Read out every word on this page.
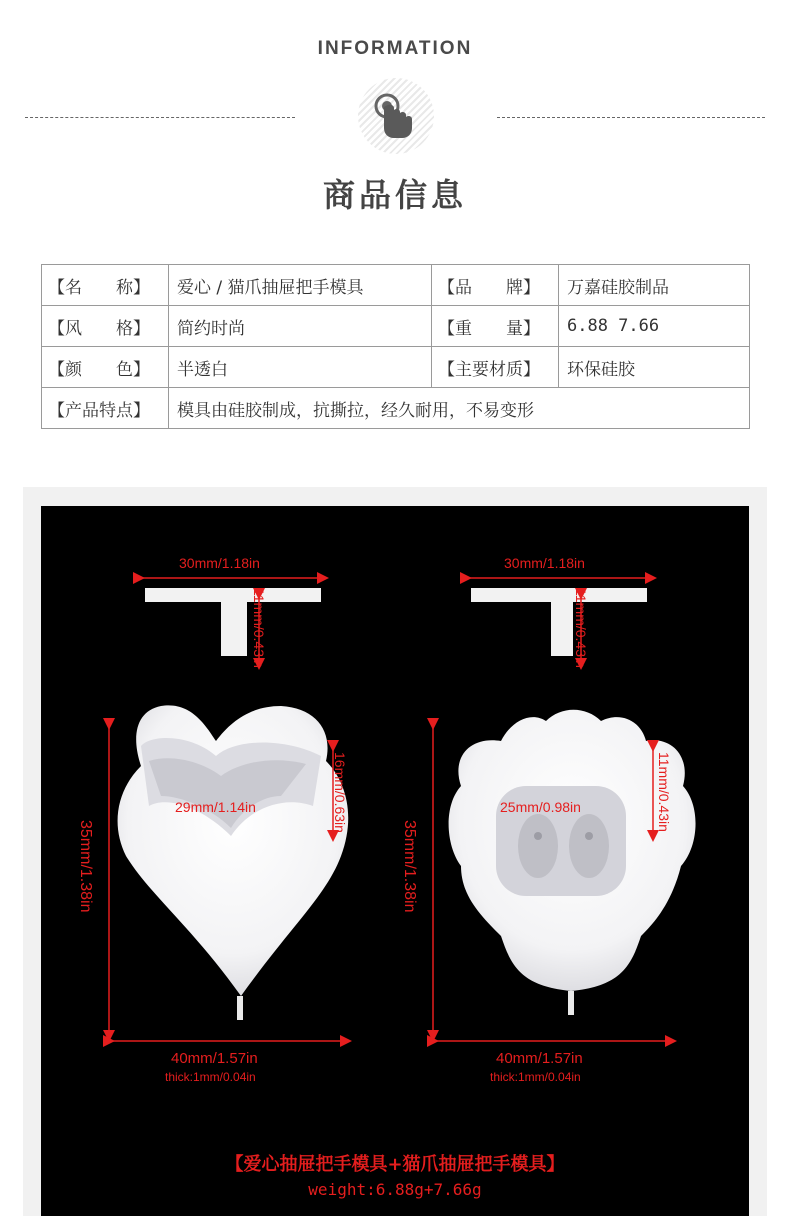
INFORMATION
商品信息
【名　　称】	爱心 / 猫爪抽屉把手模具	【品　　牌】	万嘉硅胶制品
【风　　格】	简约时尚	【重　　量】	6.88 7.66
【颜　　色】	半透白	【主要材质】	环保硅胶
【产品特点】	模具由硅胶制成，抗撕拉，经久耐用，不易变形		
30mm/1.18in
11mm/0.43in
35mm/1.38in
29mm/1.14in	16mm/0.63in
40mm/1.57in
thick:1mm/0.04in
30mm/1.18in
11mm/0.43in
35mm/1.38in
25mm/0.98in	11mm/0.43in
40mm/1.57in
thick:1mm/0.04in
【爱心抽屉把手模具+猫爪抽屉把手模具】
weight:6.88g+7.66g
